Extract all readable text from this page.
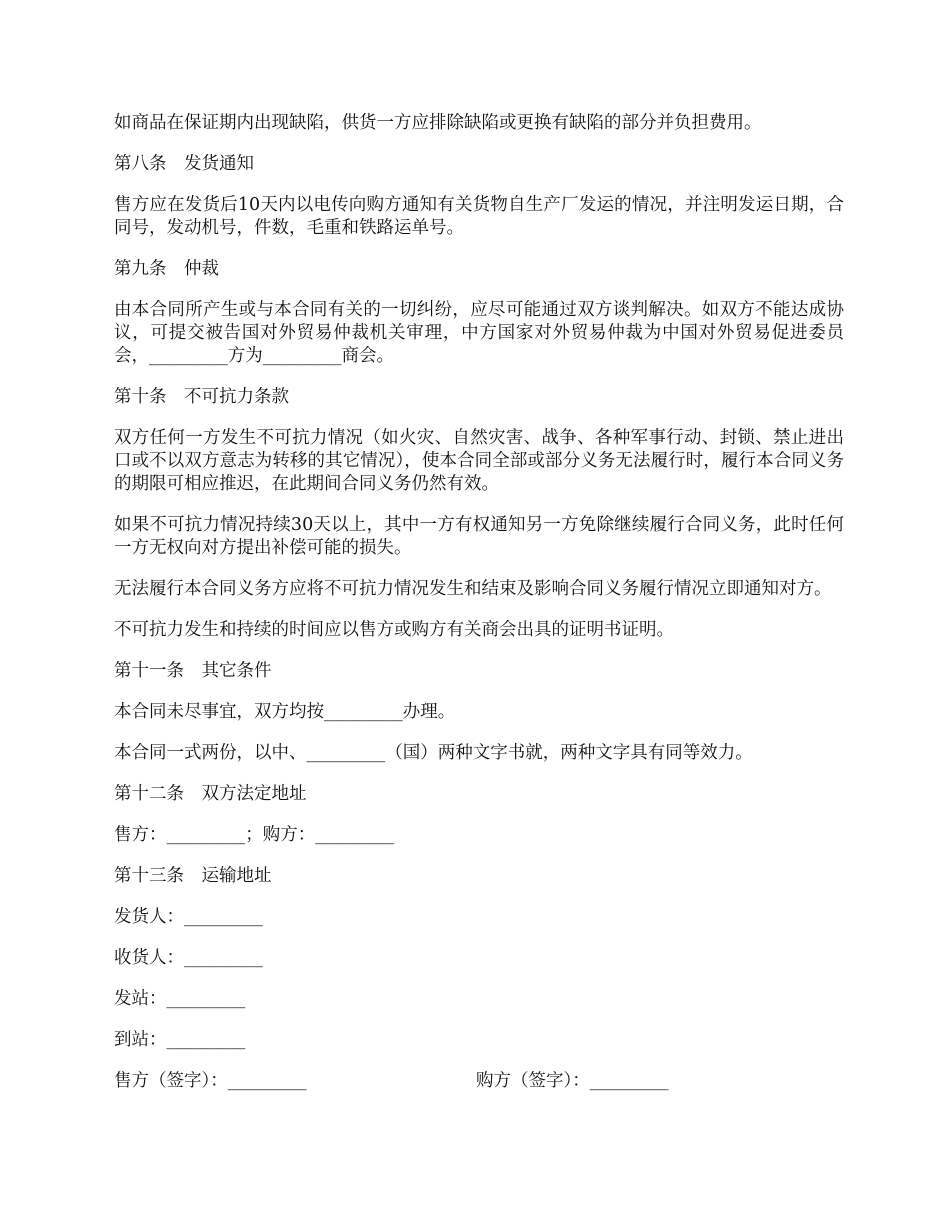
如商品在保证期内出现缺陷，供货一方应排除缺陷或更换有缺陷的部分并负担费用。

第八条　发货通知

售方应在发货后10天内以电传向购方通知有关货物自生产厂发运的情况，并注明发运日期，合同号，发动机号，件数，毛重和铁路运单号。

第九条　仲裁

由本合同所产生或与本合同有关的一切纠纷，应尽可能通过双方谈判解决。如双方不能达成协议，可提交被告国对外贸易仲裁机关审理，中方国家对外贸易仲裁为中国对外贸易促进委员会，_________方为_________商会。

第十条　不可抗力条款

双方任何一方发生不可抗力情况（如火灾、自然灾害、战争、各种军事行动、封锁、禁止进出口或不以双方意志为转移的其它情况），使本合同全部或部分义务无法履行时，履行本合同义务的期限可相应推迟，在此期间合同义务仍然有效。

如果不可抗力情况持续30天以上，其中一方有权通知另一方免除继续履行合同义务，此时任何一方无权向对方提出补偿可能的损失。

无法履行本合同义务方应将不可抗力情况发生和结束及影响合同义务履行情况立即通知对方。

不可抗力发生和持续的时间应以售方或购方有关商会出具的证明书证明。

第十一条　其它条件

本合同未尽事宜，双方均按_________办理。

本合同一式两份，以中、_________（国）两种文字书就，两种文字具有同等效力。

第十二条　双方法定地址

售方：_________；购方：_________

第十三条　运输地址

发货人：_________

收货人：_________

发站：_________

到站：_________

售方（签字）：_________	购方（签字）：_________
